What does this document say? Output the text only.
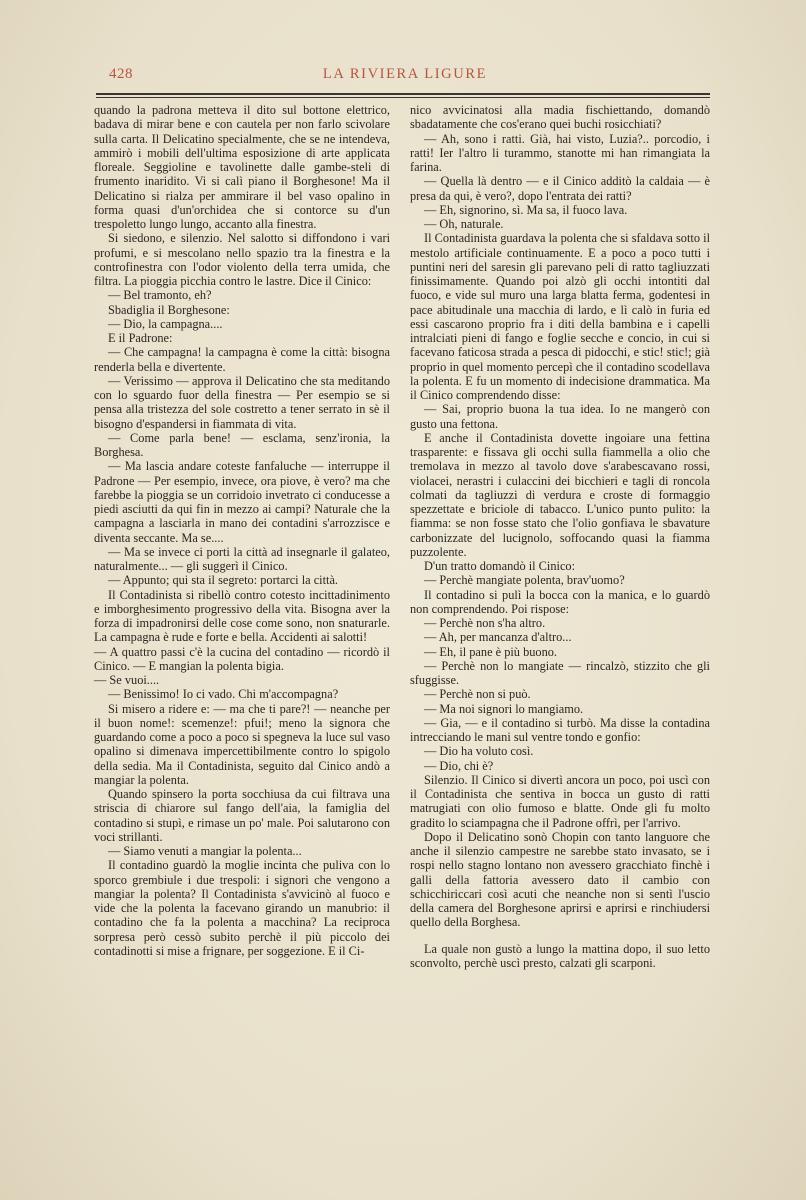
428	LA RIVIERA LIGURE

quando la padrona metteva il dito sul bottone elettrico, badava di mirar bene e con cautela per non farlo scivolare sulla carta. Il Delicatino specialmente, che se ne intendeva, ammirò i mobili dell'ultima esposizione di arte applicata floreale. Seggioline e tavolinette dalle gambe-steli di frumento inaridito. Vi si calì piano il Borghesone! Ma il Delicatino si rialza per ammirare il bel vaso opalino in forma quasi d'un'orchidea che si contorce su d'un trespoletto lungo lungo, accanto alla finestra.

Si siedono, e silenzio. Nel salotto si diffondono i vari profumi, e si mescolano nello spazio tra la finestra e la controfinestra con l'odor violento della terra umida, che filtra. La pioggia picchia contro le lastre. Dice il Cinico:

— Bel tramonto, eh?

Sbadiglia il Borghesone:

— Dio, la campagna....

E il Padrone:

— Che campagna! la campagna è come la città: bisogna renderla bella e divertente.

— Verissimo — approva il Delicatino che sta meditando con lo sguardo fuor della finestra — Per esempio se si pensa alla tristezza del sole costretto a tener serrato in sè il bisogno d'espandersi in fiammata di vita.

— Come parla bene! — esclama, senz'ironia, la Borghesa.

— Ma lascia andare coteste fanfaluche — interruppe il Padrone — Per esempio, invece, ora piove, è vero? ma che farebbe la pioggia se un corridoio invetrato ci conducesse a piedi asciutti da qui fin in mezzo ai campi? Naturale che la campagna a lasciarla in mano dei contadini s'arrozzisce e diventa seccante. Ma se....

— Ma se invece ci porti la città ad insegnarle il galateo, naturalmente... — gli suggerì il Cinico.

— Appunto; qui sta il segreto: portarci la città.

Il Contadinista si ribellò contro cotesto incittadinimento e imborghesimento progressivo della vita. Bisogna aver la forza di impadronirsi delle cose come sono, non snaturarle. La campagna è rude e forte e bella. Accidenti ai salotti!

— A quattro passi c'è la cucina del contadino — ricordò il Cinico. — E mangian la polenta bigia.

— Se vuoi....

— Benissimo! Io ci vado. Chi m'accompagna?

Si misero a ridere e: — ma che ti pare?! — neanche per il buon nome!: scemenze!: pfui!; meno la signora che guardando come a poco a poco si spegneva la luce sul vaso opalino si dimenava impercettibilmente contro lo spigolo della sedia. Ma il Contadinista, seguito dal Cinico andò a mangiar la polenta.

Quando spinsero la porta socchiusa da cui filtrava una striscia di chiarore sul fango dell'aia, la famiglia del contadino si stupì, e rimase un po' male. Poi salutarono con voci strillanti.

— Siamo venuti a mangiar la polenta...

Il contadino guardò la moglie incinta che puliva con lo sporco grembiule i due trespoli: i signori che vengono a mangiar la polenta? Il Contadinista s'avvicinò al fuoco e vide che la polenta la facevano girando un manubrio: il contadino che fa la polenta a macchina? La reciproca sorpresa però cessò subito perchè il più piccolo dei contadinotti si mise a frignare, per soggezione. E il Ci-

nico avvicinatosi alla madia fischiettando, domandò sbadatamente che cos'erano quei buchi rosicchiati?

— Ah, sono i ratti. Già, hai visto, Luzia?.. porcodio, i ratti! Ier l'altro li turammo, stanotte mi han rimangiata la farina.

— Quella là dentro — e il Cinico additò la caldaia — è presa da qui, è vero?, dopo l'entrata dei ratti?

— Eh, signorino, sì. Ma sa, il fuoco lava.

— Oh, naturale.

Il Contadinista guardava la polenta che si sfaldava sotto il mestolo artificiale continuamente. E a poco a poco tutti i puntini neri del saresin gli parevano peli di ratto tagliuzzati finissimamente. Quando poi alzò gli occhi intontiti dal fuoco, e vide sul muro una larga blatta ferma, godentesi in pace abitudinale una macchia di lardo, e lì calò in furia ed essi cascarono proprio fra i diti della bambina e i capelli intralciati pieni di fango e foglie secche e concio, in cui si facevano faticosa strada a pesca di pidocchi, e stic! stic!; già proprio in quel momento percepì che il contadino scodellava la polenta. E fu un momento di indecisione drammatica. Ma il Cinico comprendendo disse:

— Sai, proprio buona la tua idea. Io ne mangerò con gusto una fettona.

E anche il Contadinista dovette ingoiare una fettina trasparente: e fissava gli occhi sulla fiammella a olio che tremolava in mezzo al tavolo dove s'arabescavano rossi, violacei, nerastri i culaccini dei bicchieri e tagli di roncola colmati da tagliuzzi di verdura e croste di formaggio spezzettate e briciole di tabacco. L'unico punto pulito: la fiamma: se non fosse stato che l'olio gonfiava le sbavature carbonizzate del lucignolo, soffocando quasi la fiamma puzzolente.

D'un tratto domandò il Cinico:

— Perchè mangiate polenta, brav'uomo?

Il contadino si pulì la bocca con la manica, e lo guardò non comprendendo. Poi rispose:

— Perchè non s'ha altro.

— Ah, per mancanza d'altro...

— Eh, il pane è più buono.

— Perchè non lo mangiate — rincalzò, stizzito che gli sfuggisse.

— Perchè non si può.

— Ma noi signori lo mangiamo.

— Gia, — e il contadino si turbò. Ma disse la contadina intrecciando le mani sul ventre tondo e gonfio:

— Dio ha voluto così.

— Dio, chi è?

Silenzio. Il Cinico si divertì ancora un poco, poi uscì con il Contadinista che sentiva in bocca un gusto di ratti matrugiati con olio fumoso e blatte. Onde gli fu molto gradito lo sciampagna che il Padrone offrì, per l'arrivo.

Dopo il Delicatino sonò Chopin con tanto languore che anche il silenzio campestre ne sarebbe stato invasato, se i rospi nello stagno lontano non avessero gracchiato finchè i galli della fattoria avessero dato il cambio con schicchiriccari così acuti che neanche non si sentì l'uscio della camera del Borghesone aprirsi e aprirsi e rinchiudersi quello della Borghesa.

La quale non gustò a lungo la mattina dopo, il suo letto sconvolto, perchè uscì presto, calzati gli scarponi.
